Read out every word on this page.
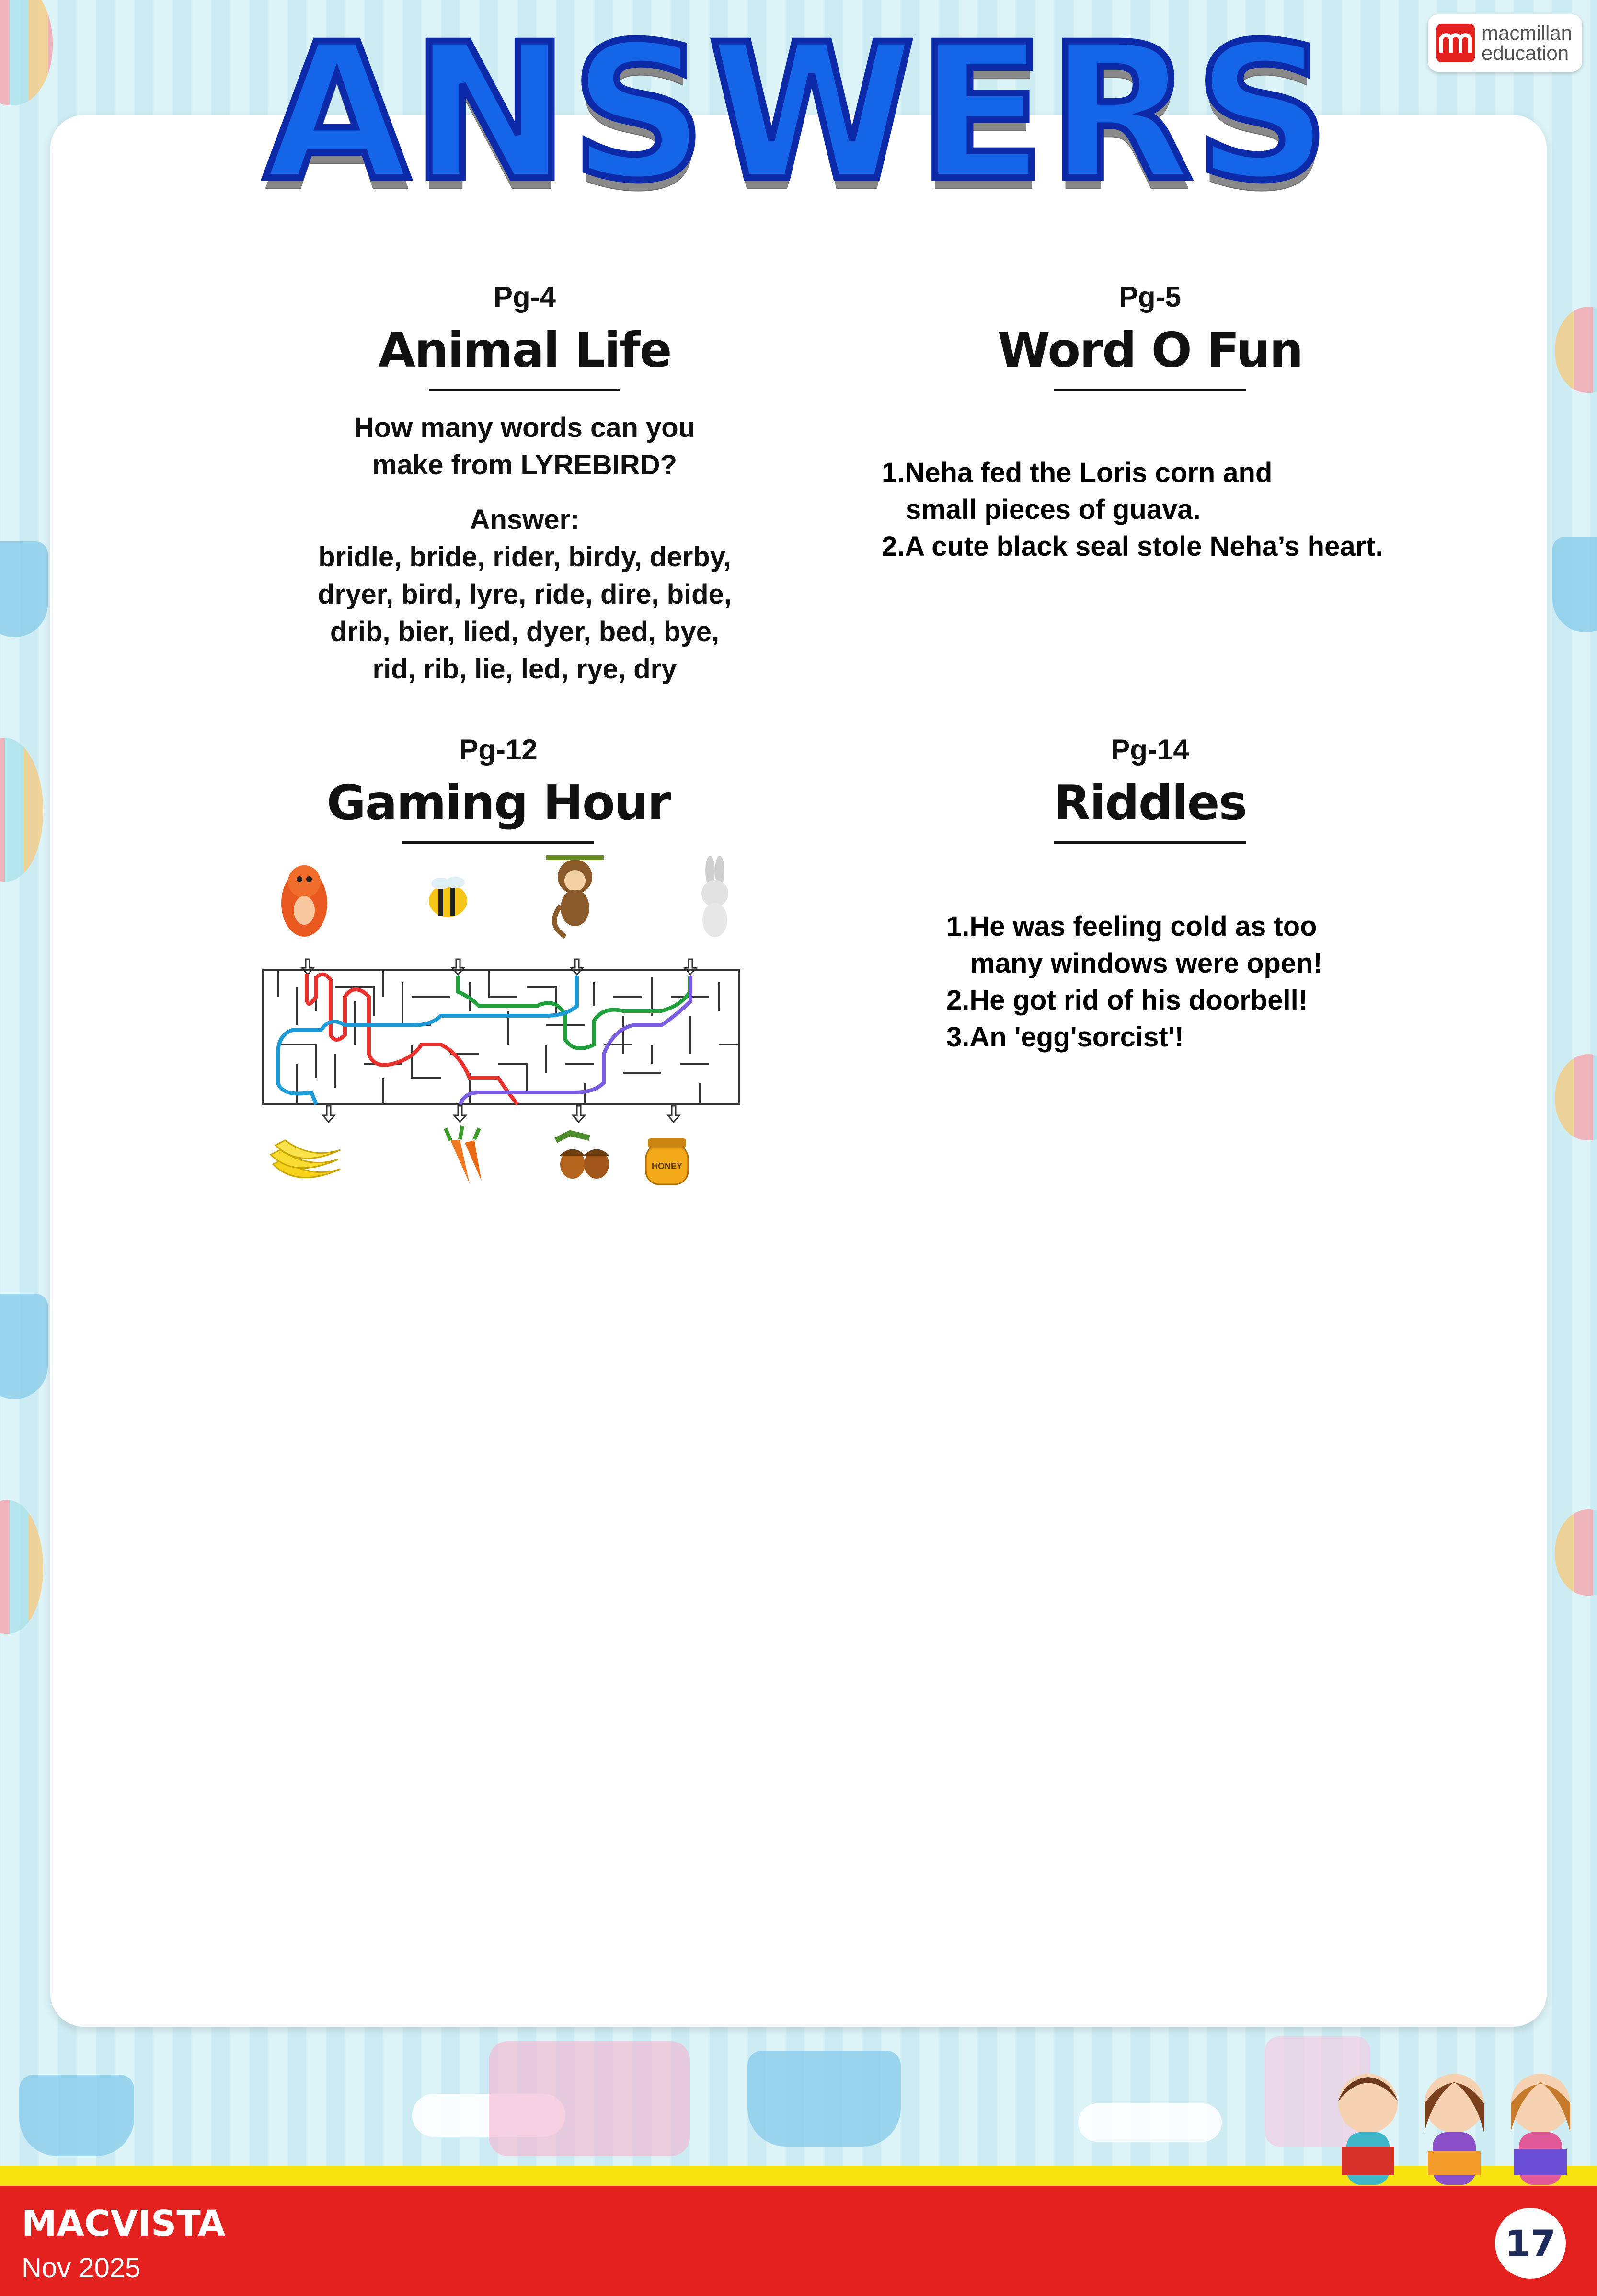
macmillan
education
ANSWERS
Pg-4
Animal Life
How many words can you
make from LYREBIRD?
Answer:
bridle, bride, rider, birdy, derby,
dryer, bird, lyre, ride, dire, bide,
drib, bier, lied, dyer, bed, bye,
rid, rib, lie, led, rye, dry
Pg-5
Word O Fun
1.Neha fed the Loris corn and
small pieces of guava.
2.A cute black seal stole Neha’s heart.
Pg-12
Gaming Hour
HONEY
Pg-14
Riddles
1.He was feeling cold as too
many windows were open!
2.He got rid of his doorbell!
3.An 'egg'sorcist'!
MACVISTA
Nov 2025
17
